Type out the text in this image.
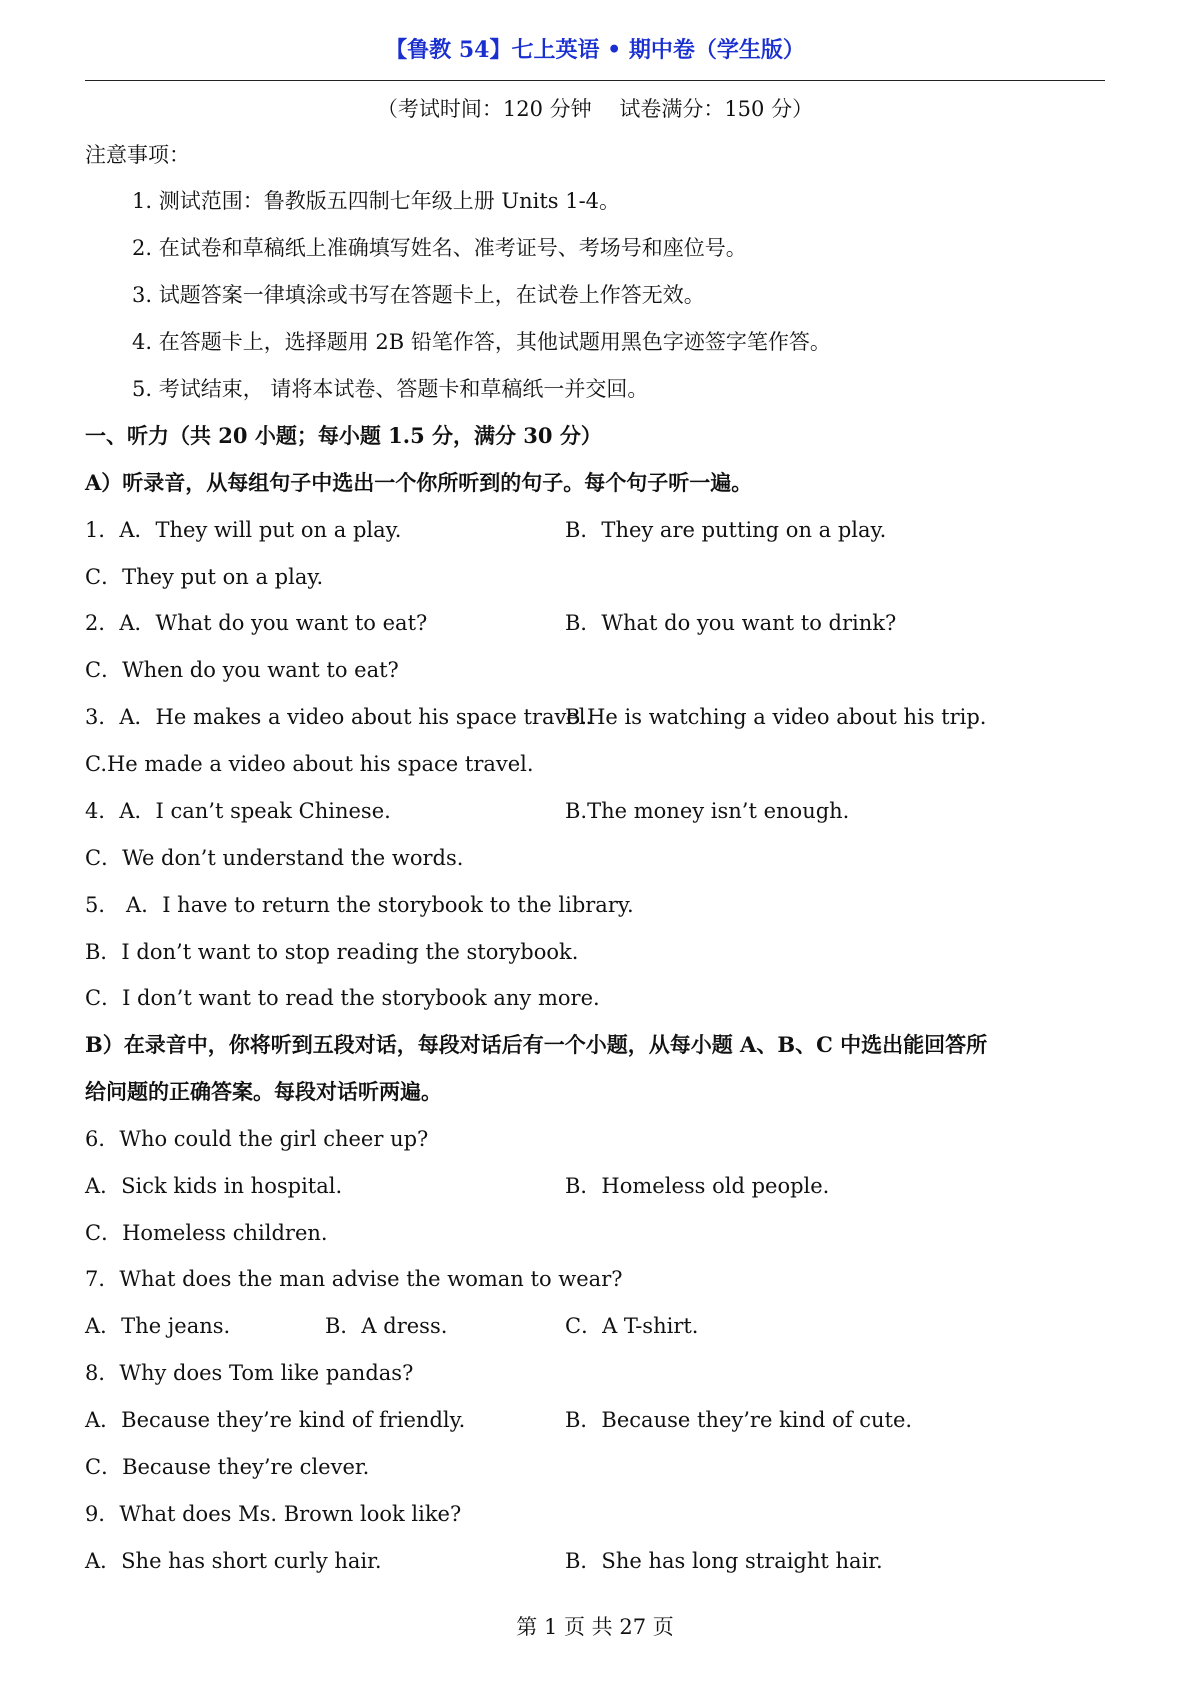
【鲁教 54】七上英语 • 期中卷（学生版）
（考试时间：120 分钟　 试卷满分：150 分）
注意事项：
1. 测试范围：鲁教版五四制七年级上册 Units 1-4。
2. 在试卷和草稿纸上准确填写姓名、准考证号、考场号和座位号。
3. 试题答案一律填涂或书写在答题卡上，在试卷上作答无效。
4. 在答题卡上，选择题用 2B 铅笔作答，其他试题用黑色字迹签字笔作答。
5. 考试结束， 请将本试卷、答题卡和草稿纸一并交回。
一、听力（共 20 小题；每小题 1.5 分，满分 30 分）
A）听录音，从每组句子中选出一个你所听到的句子。每个句子听一遍。
1．A．They will put on a play.	B．They are putting on a play.
C．They put on a play.
2．A．What do you want to eat?	B．What do you want to drink?
C．When do you want to eat?
3．A．He makes a video about his space travel.
B.He is watching a video about his trip.
C.He made a video about his space travel.
4．A．I can’t speak Chinese.	B.The money isn’t enough.
C．We don’t understand the words.
5． A．I have to return the storybook to the library.
B．I don’t want to stop reading the storybook.
C．I don’t want to read the storybook any more.
B）在录音中，你将听到五段对话，每段对话后有一个小题，从每小题 A、B、C 中选出能回答所
给问题的正确答案。每段对话听两遍。
6．Who could the girl cheer up?
A．Sick kids in hospital.	B．Homeless old people.
C．Homeless children.
7．What does the man advise the woman to wear?
A．The jeans.	B．A dress.	C．A T-shirt.
8．Why does Tom like pandas?
A．Because they’re kind of friendly.	B．Because they’re kind of cute.
C．Because they’re clever.
9．What does Ms. Brown look like?
A．She has short curly hair.	B．She has long straight hair.
第 1 页 共 27 页
